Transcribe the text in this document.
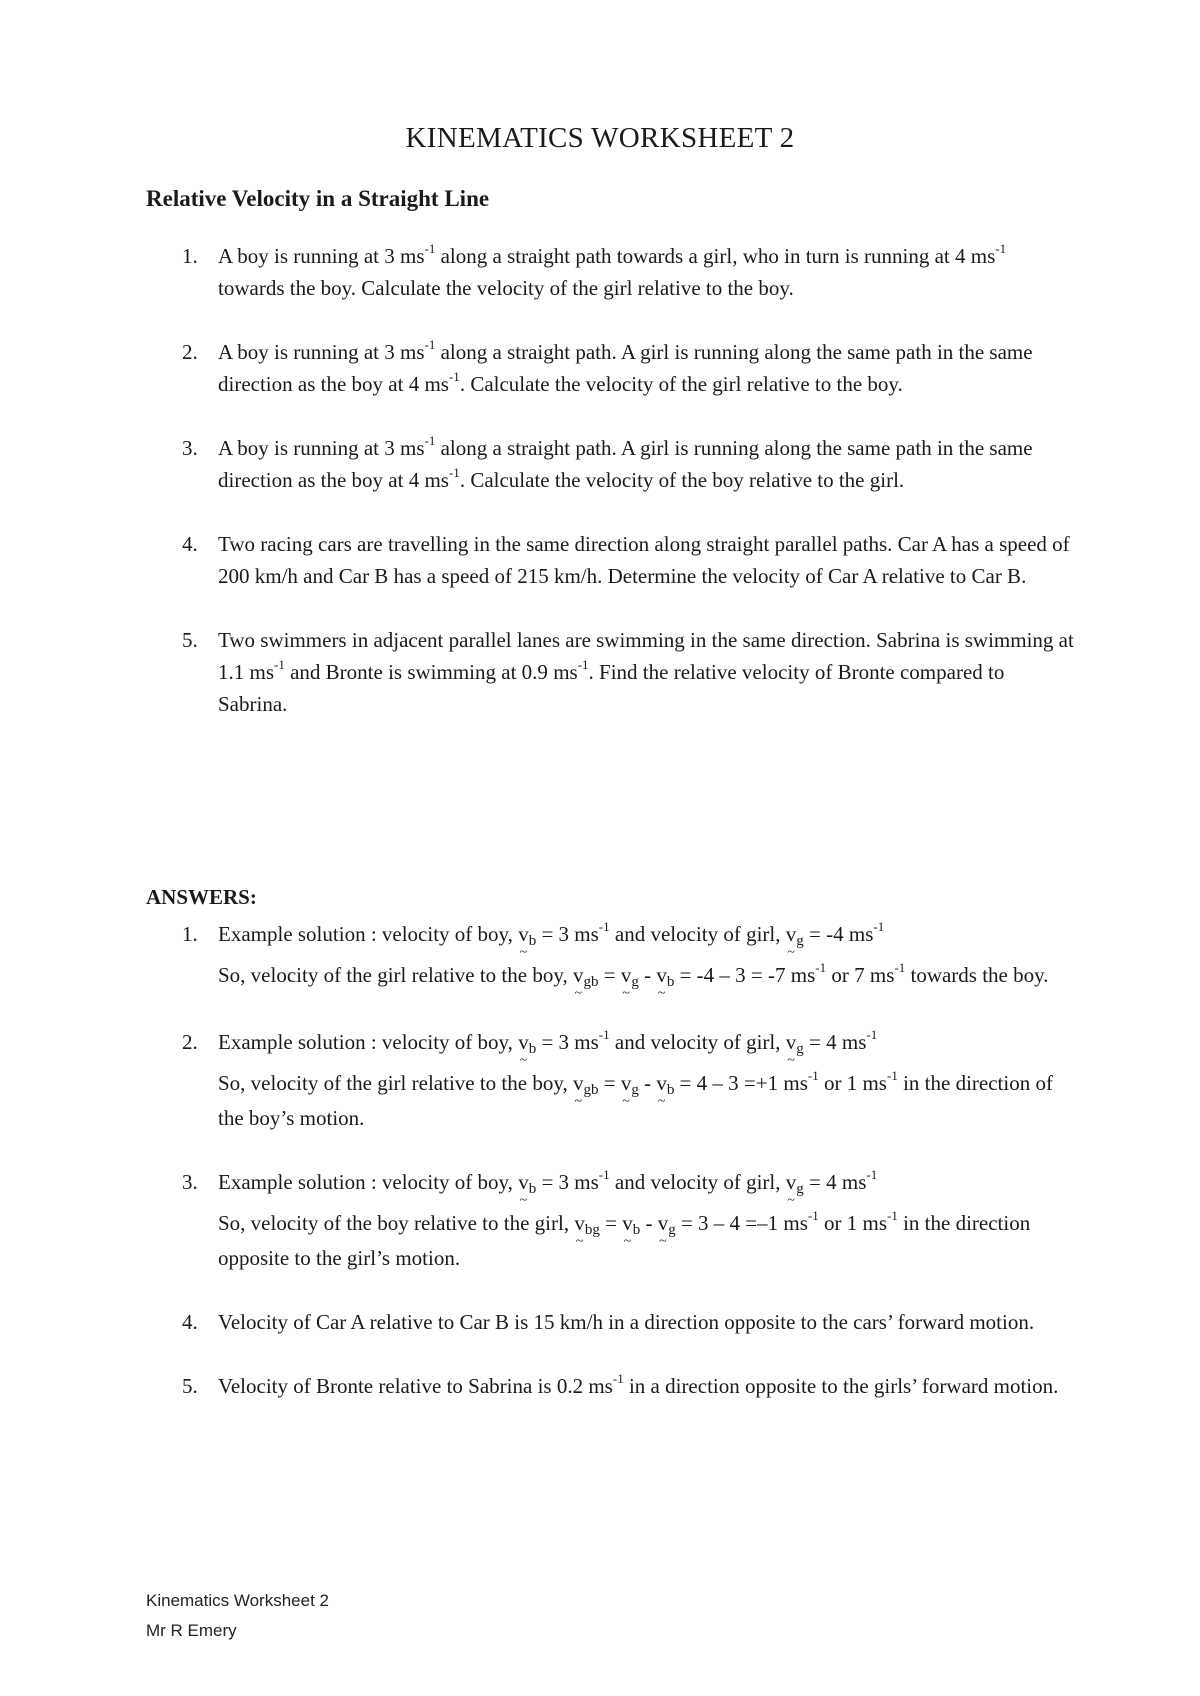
KINEMATICS WORKSHEET 2
Relative Velocity in a Straight Line
1. A boy is running at 3 $ms^{-1}$ along a straight path towards a girl, who in turn is running at 4 $ms^{-1}$ towards the boy. Calculate the velocity of the girl relative to the boy.
2. A boy is running at 3 $ms^{-1}$ along a straight path. A girl is running along the same path in the same direction as the boy at 4 $ms^{-1}$. Calculate the velocity of the girl relative to the boy.
3. A boy is running at 3 $ms^{-1}$ along a straight path. A girl is running along the same path in the same direction as the boy at 4 $ms^{-1}$. Calculate the velocity of the boy relative to the girl.
4. Two racing cars are travelling in the same direction along straight parallel paths. Car A has a speed of 200 km/h and Car B has a speed of 215 km/h. Determine the velocity of Car A relative to Car B.
5. Two swimmers in adjacent parallel lanes are swimming in the same direction. Sabrina is swimming at 1.1 $ms^{-1}$ and Bronte is swimming at 0.9 $ms^{-1}$. Find the relative velocity of Bronte compared to Sabrina.
ANSWERS:
1. Example solution : velocity of boy, v
~
b = 3 $ms^{-1}$ and velocity of girl, v
~
g = -4 $ms^{-1}$
So, velocity of the girl relative to the boy, v
~
gb = v
~
g - v
~
b = -4 – 3 = -7 $ms^{-1}$ or 7 $ms^{-1}$ towards the boy.
2. Example solution : velocity of boy, v
~
b = 3 $ms^{-1}$ and velocity of girl, v
~
g = 4 $ms^{-1}$
So, velocity of the girl relative to the boy, v
~
gb = v
~
g - v
~
b = 4 – 3 =+1 $ms^{-1}$ or 1 $ms^{-1}$ in the direction of the boy’s motion.
3. Example solution : velocity of boy, v
~
b = 3 $ms^{-1}$ and velocity of girl, v
~
g = 4 $ms^{-1}$
So, velocity of the boy relative to the girl, v
~
bg = v
~
b - v
~
g = 3 – 4 =–1 $ms^{-1}$ or 1 $ms^{-1}$ in the direction opposite to the girl’s motion.
4. Velocity of Car A relative to Car B is 15 km/h in a direction opposite to the cars’ forward motion.
5. Velocity of Bronte relative to Sabrina is 0.2 $ms^{-1}$ in a direction opposite to the girls’ forward motion.
Kinematics Worksheet 2
Mr R Emery
